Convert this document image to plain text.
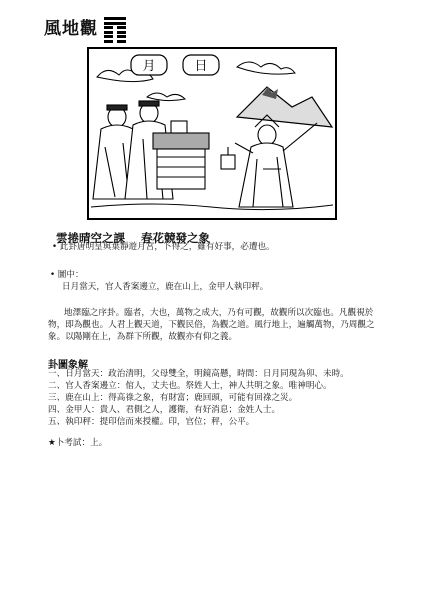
風地觀
月	日
雲捲晴空之課 春花競發之象
• 此卦唐明皇與葉靜遊月宮，卜得之，雖有好事，必遭也。
• 圖中：
日月當天，官人香案邊立，鹿在山上，金甲人執印秤。
地澤臨之序卦。臨者，大也，萬物之成大，乃有可觀，故觀所以次臨也。凡觀視於物，即為觀也。人君上觀天道，下觀民俗，為觀之道。風行地上，遍觸萬物，乃周觀之象。以陽剛在上，為群下所觀，故觀亦有仰之義。
卦圖象解
一、日月當天：政治清明，父母雙全，明鏡高懸，時間：日月同現為卯、未時。
二、官人香案邊立：倌人，丈夫也。祭姓人士，神人共明之象。唯神明心。
三、鹿在山上：得高祿之象，有財富；鹿回頭，可能有回祿之災。
四、金甲人：貴人、君側之人，護衛，有好消息；金姓人士。
五、執印秤：提印信而來授權。印，官位；秤，公平。
★卜考試：上。
